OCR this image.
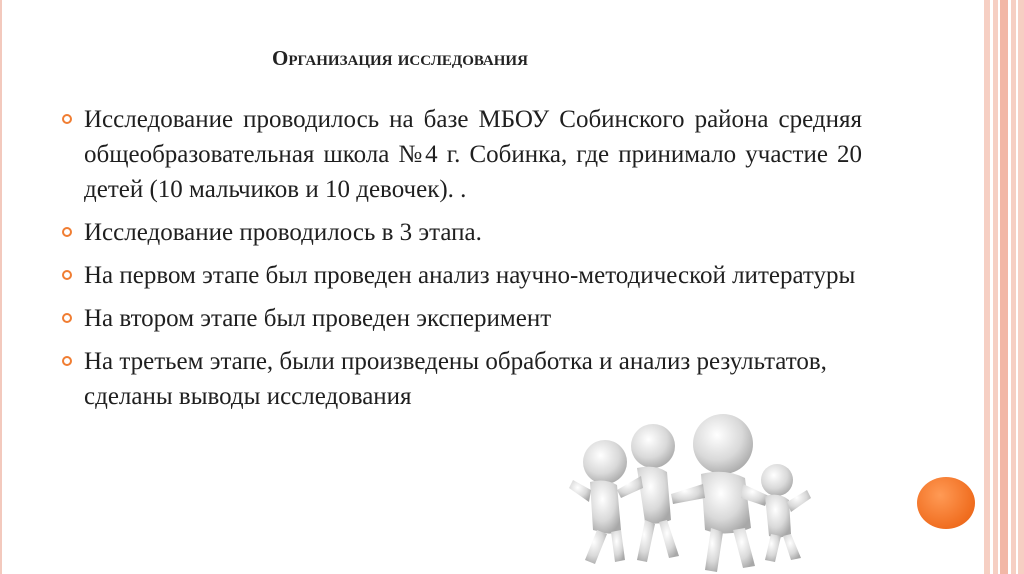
Организация исследования
Исследование проводилось на базе МБОУ Собинского района средняя общеобразовательная школа №4 г. Собинка, где принимало участие 20 детей (10 мальчиков и 10 девочек). .
Исследование проводилось в 3 этапа.
На первом этапе был проведен анализ научно-методической литературы
На втором этапе был проведен эксперимент
На третьем этапе, были произведены обработка и анализ результатов, сделаны выводы исследования
